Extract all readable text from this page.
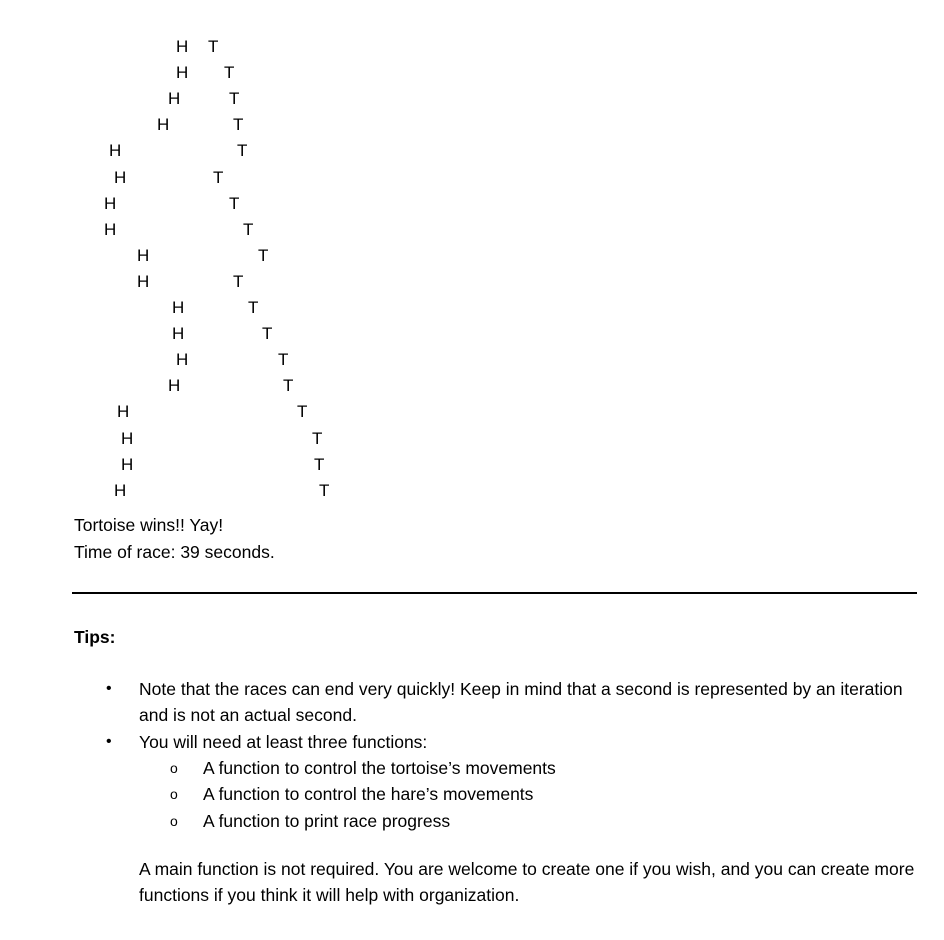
H T
H T
H	T
H	T
H	T
H	T
H	T
H	T
H	T
H	T
H	T
H	T
H	T
H	T
H	T
H	T
H	T
H	T
Tortoise wins!! Yay!
Time of race: 39 seconds.
Tips:
• Note that the races can end very quickly! Keep in mind that a second is represented by an iteration and is not an actual second.
• You will need at least three functions:
o A function to control the tortoise’s movements
o A function to control the hare’s movements
o A function to print race progress
A main function is not required. You are welcome to create one if you wish, and you can create more functions if you think it will help with organization.
